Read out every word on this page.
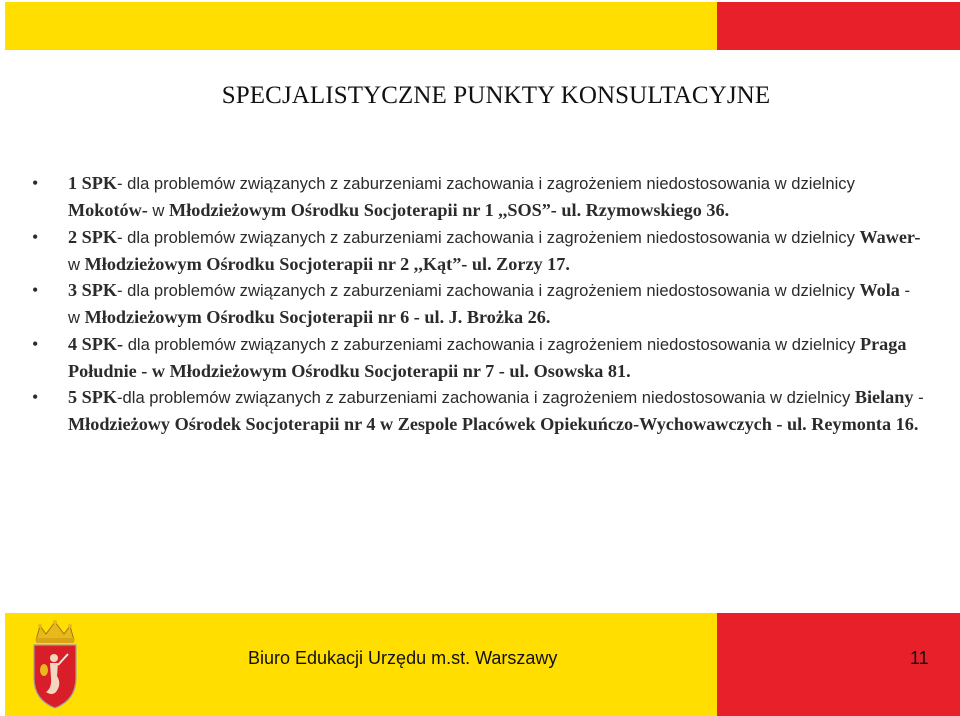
SPECJALISTYCZNE PUNKTY KONSULTACYJNE
• 1 SPK- dla problemów związanych z zaburzeniami zachowania i zagrożeniem niedostosowania w dzielnicy Mokotów- w Młodzieżowym Ośrodku Socjoterapii nr 1 ,,SOS”- ul. Rzymowskiego 36.
• 2 SPK- dla problemów związanych z zaburzeniami zachowania i zagrożeniem niedostosowania w dzielnicy Wawer- w Młodzieżowym Ośrodku Socjoterapii nr 2 ,,Kąt”- ul. Zorzy 17.
• 3 SPK- dla problemów związanych z zaburzeniami zachowania i zagrożeniem niedostosowania w dzielnicy Wola - w Młodzieżowym Ośrodku Socjoterapii nr 6 - ul. J. Brożka 26.
• 4 SPK- dla problemów związanych z zaburzeniami zachowania i zagrożeniem niedostosowania w dzielnicy Praga Południe - w Młodzieżowym Ośrodku Socjoterapii nr 7 - ul. Osowska 81.
• 5 SPK-dla problemów związanych z zaburzeniami zachowania i zagrożeniem niedostosowania w dzielnicy Bielany - Młodzieżowy Ośrodek Socjoterapii nr 4 w Zespole Placówek Opiekuńczo-Wychowawczych - ul. Reymonta 16.
Biuro Edukacji Urzędu m.st. Warszawy	11
